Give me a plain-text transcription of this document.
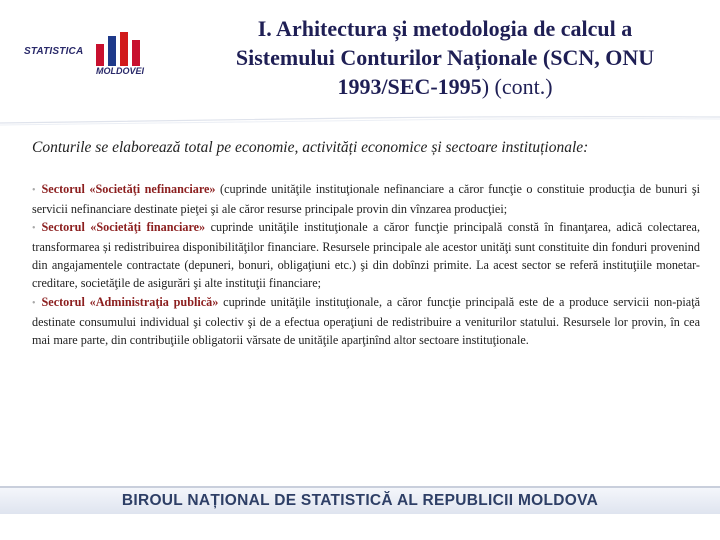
STATISTICA
MOLDOVEI
I. Arhitectura și metodologia de calcul a
Sistemului Conturilor Naționale (SCN, ONU
1993/SEC-1995) (cont.)
Conturile se elaborează total pe economie, activități economice și sectoare instituționale:

• Sectorul «Societăţi nefinanciare» (cuprinde unităţile instituţionale nefinanciare a căror funcţie o constituie producţia de bunuri şi servicii nefinanciare destinate pieţei şi ale căror resurse principale provin din vînzarea producţiei;

• Sectorul «Societăţi financiare» cuprinde unităţile instituţionale a căror funcţie principală constă în finanţarea, adică colectarea, transformarea și redistribuirea disponibilităţilor financiare. Resursele principale ale acestor unităţi sunt constituite din fonduri provenind din angajamentele contractate (depuneri, bonuri, obligaţiuni etc.) şi din dobînzi primite. La acest sector se referă instituţiile monetar-creditare, societăţile de asigurări şi alte instituţii financiare;

• Sectorul «Administraţia publică» cuprinde unităţile instituţionale, a căror funcţie principală este de a produce servicii non-piaţă destinate consumului individual şi colectiv şi de a efectua operaţiuni de redistribuire a veniturilor statului. Resursele lor provin, în cea mai mare parte, din contribuţiile obligatorii vărsate de unităţile aparţinînd altor sectoare instituţionale.

BIROUL NAȚIONAL DE STATISTICĂ AL REPUBLICII MOLDOVA
